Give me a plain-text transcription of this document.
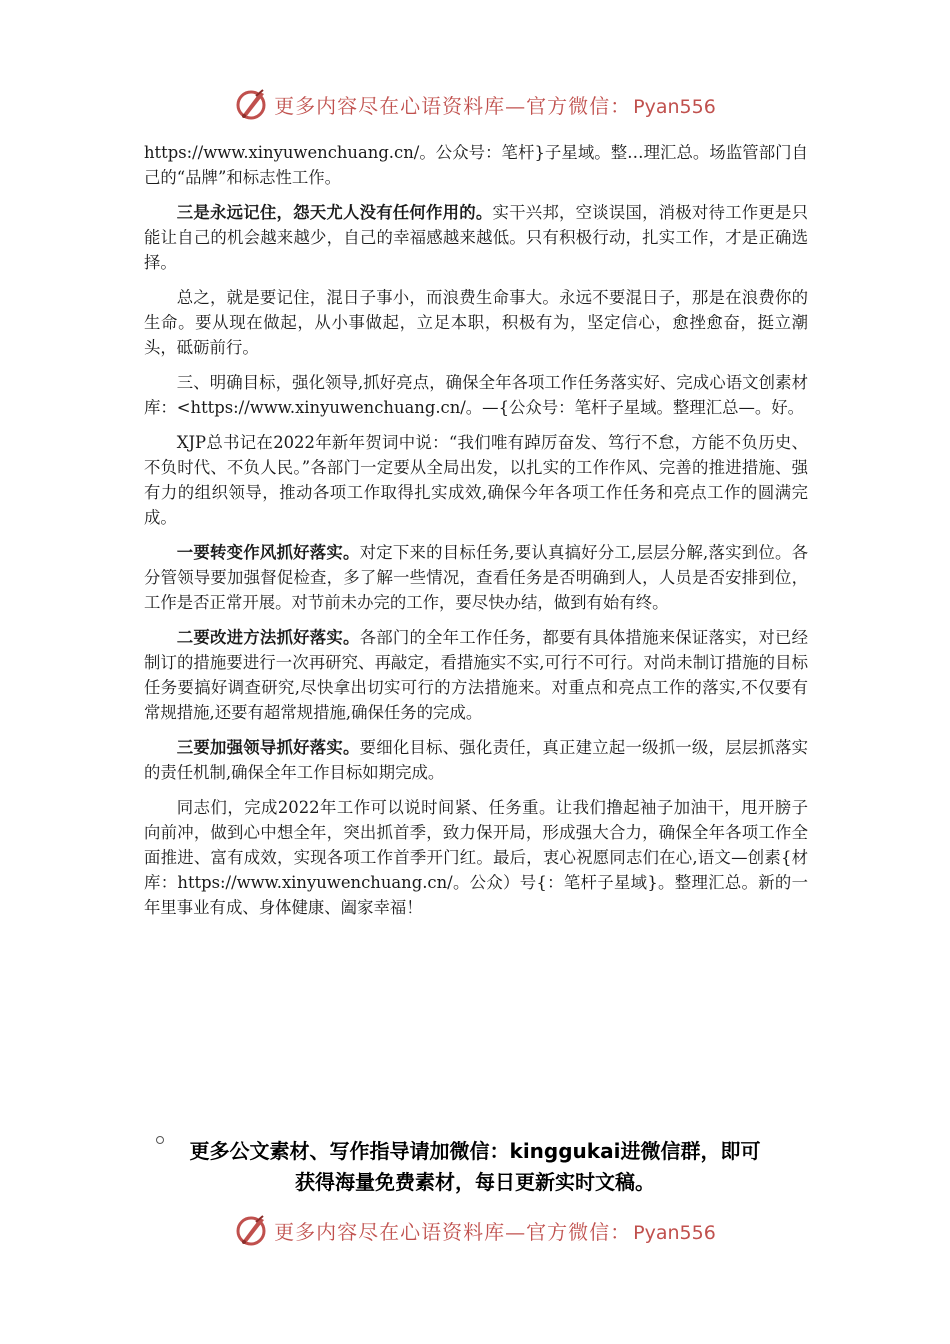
更多内容尽在心语资料库—官方微信： Pyan556

https://www.xinyuwenchuang.cn/。公众号：笔杆}子星域。整…理汇总。场监管部门自己的“品牌”和标志性工作。

三是永远记住，怨天尤人没有任何作用的。实干兴邦，空谈误国，消极对待工作更是只能让自己的机会越来越少，自己的幸福感越来越低。只有积极行动，扎实工作，才是正确选择。

总之，就是要记住，混日子事小，而浪费生命事大。永远不要混日子，那是在浪费你的生命。要从现在做起，从小事做起，立足本职，积极有为，坚定信心，愈挫愈奋，挺立潮头，砥砺前行。

三、明确目标，强化领导,抓好亮点，确保全年各项工作任务落实好、完成心语文创素材库：<https://www.xinyuwenchuang.cn/。—{公众号：笔杆子星域。整理汇总—。好。

XJP总书记在2022年新年贺词中说：“我们唯有踔厉奋发、笃行不怠，方能不负历史、不负时代、不负人民。”各部门一定要从全局出发，以扎实的工作作风、完善的推进措施、强有力的组织领导，推动各项工作取得扎实成效,确保今年各项工作任务和亮点工作的圆满完成。

一要转变作风抓好落实。对定下来的目标任务,要认真搞好分工,层层分解,落实到位。各分管领导要加强督促检查，多了解一些情况，查看任务是否明确到人，人员是否安排到位，工作是否正常开展。对节前未办完的工作，要尽快办结，做到有始有终。

二要改进方法抓好落实。各部门的全年工作任务，都要有具体措施来保证落实，对已经制订的措施要进行一次再研究、再敲定，看措施实不实,可行不可行。对尚未制订措施的目标任务要搞好调查研究,尽快拿出切实可行的方法措施来。对重点和亮点工作的落实,不仅要有常规措施,还要有超常规措施,确保任务的完成。

三要加强领导抓好落实。要细化目标、强化责任，真正建立起一级抓一级，层层抓落实的责任机制,确保全年工作目标如期完成。

同志们，完成2022年工作可以说时间紧、任务重。让我们撸起袖子加油干，甩开膀子向前冲，做到心中想全年，突出抓首季，致力保开局，形成强大合力，确保全年各项工作全面推进、富有成效，实现各项工作首季开门红。最后，衷心祝愿同志们在心,语文—创素{材库：https://www.xinyuwenchuang.cn/。公众）号{：笔杆子星域}。整理汇总。新的一年里事业有成、身体健康、阖家幸福！

更多公文素材、写作指导请加微信：kinggukai进微信群，即可
获得海量免费素材，每日更新实时文稿。
更多内容尽在心语资料库—官方微信： Pyan556
